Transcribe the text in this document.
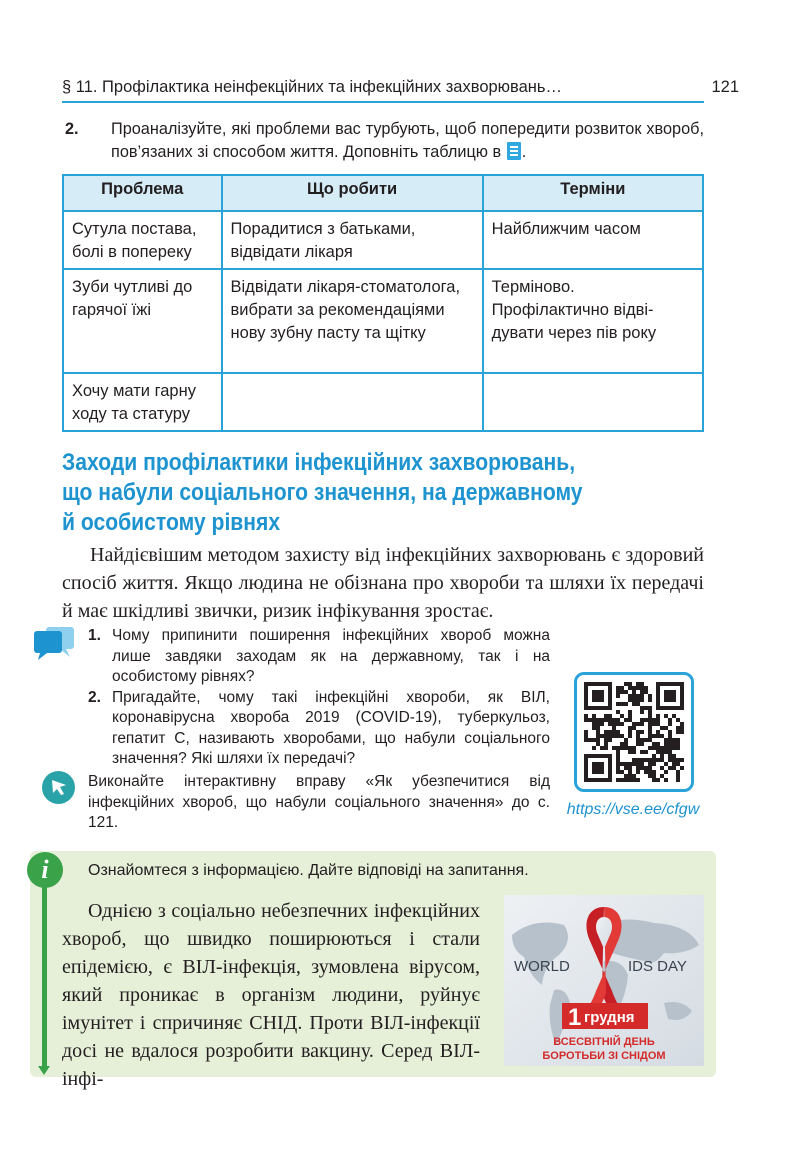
§ 11. Профілактика неінфекційних та інфекційних захворювань…	121
2. Проаналізуйте, які проблеми вас турбують, щоб попередити розвиток хвороб, пов’язаних зі способом життя. Доповніть таблицю в .
Проблема	Що робити	Терміни
Сутула постава, болі в попереку	Порадитися з батьками, відвідати лікаря	Найближчим часом
Зуби чутливі до гарячої їжі	Відвідати лікаря-стоматолога, вибрати за рекомендаціями нову зубну пасту та щітку	Терміново. Профілактично відвідувати через пів року
Хочу мати гарну ходу та статуру		
Заходи профілактики інфекційних захворювань,
що набули соціального значення, на державному
й особистому рівнях
Найдієвішим методом захисту від інфекційних захворювань є здоровий спосіб життя. Якщо людина не обізнана про хвороби та шляхи їх передачі й має шкідливі звички, ризик інфікування зростає.
1. Чому припинити поширення інфекційних хвороб можна лише завдяки заходам як на державному, так і на особистому рівнях?
2. Пригадайте, чому такі інфекційні хвороби, як ВІЛ, коронавірусна хвороба 2019 (COVID-19), туберкульоз, гепатит С, називають хворобами, що набули соціального значення? Які шляхи їх передачі?
Виконайте інтерактивну вправу «Як убезпечитися від інфекційних хвороб, що набули соціального значення» до с. 121.
https://vse.ee/cfgw
i	Ознайомтеся з інформацією. Дайте відповіді на запитання.
Однією з соціально небезпечних інфекційних хвороб, що швидко поширюються і стали епідемією, є ВІЛ-інфекція, зумовлена вірусом, який проникає в організм людини, руйнує імунітет і спричиняє СНІД. Проти ВІЛ-інфекції досі не вдалося розробити вакцину. Серед ВІЛ-інфі-
WORLD	IDS DAY
1 грудня
ВСЕСВІТНІЙ ДЕНЬ
БОРОТЬБИ ЗІ СНІДОМ
